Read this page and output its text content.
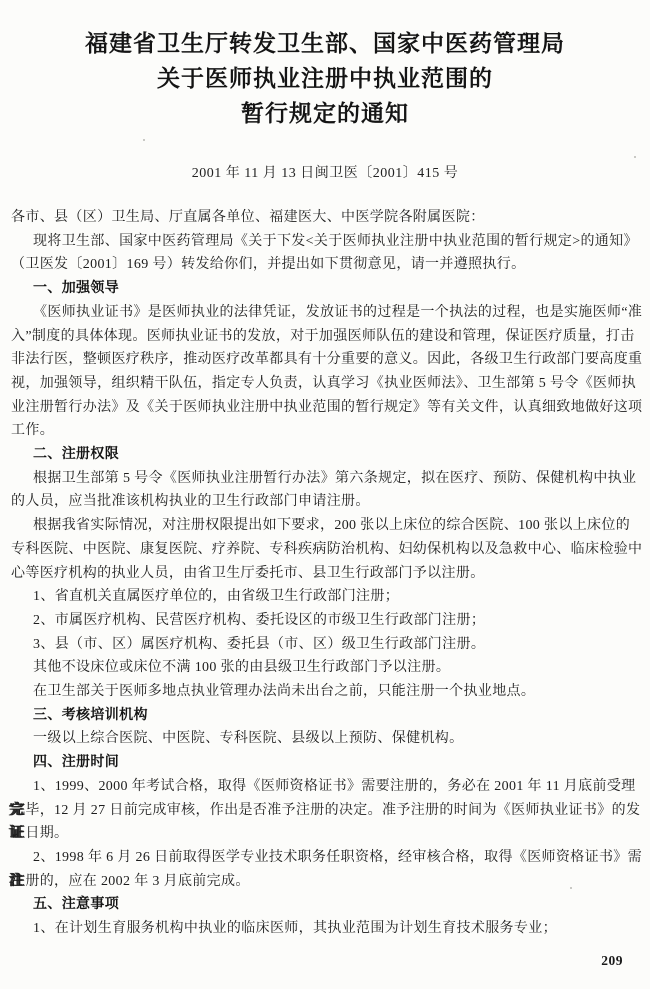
福建省卫生厅转发卫生部、国家中医药管理局
关于医师执业注册中执业范围的
暂行规定的通知
2001 年 11 月 13 日闽卫医〔2001〕415 号
各市、县（区）卫生局、厅直属各单位、福建医大、中医学院各附属医院：
现将卫生部、国家中医药管理局《关于下发<关于医师执业注册中执业范围的暂行规定>的通知》
（卫医发〔2001〕169 号）转发给你们，并提出如下贯彻意见，请一并遵照执行。
一、加强领导
《医师执业证书》是医师执业的法律凭证，发放证书的过程是一个执法的过程，也是实施医师“准
入”制度的具体体现。医师执业证书的发放，对于加强医师队伍的建设和管理，保证医疗质量，打击
非法行医，整顿医疗秩序，推动医疗改革都具有十分重要的意义。因此，各级卫生行政部门要高度重
视，加强领导，组织精干队伍，指定专人负责，认真学习《执业医师法》、卫生部第 5 号令《医师执
业注册暂行办法》及《关于医师执业注册中执业范围的暂行规定》等有关文件，认真细致地做好这项
工作。
二、注册权限
根据卫生部第 5 号令《医师执业注册暂行办法》第六条规定，拟在医疗、预防、保健机构中执业
的人员，应当批准该机构执业的卫生行政部门申请注册。
根据我省实际情况，对注册权限提出如下要求，200 张以上床位的综合医院、100 张以上床位的
专科医院、中医院、康复医院、疗养院、专科疾病防治机构、妇幼保机构以及急救中心、临床检验中
心等医疗机构的执业人员，由省卫生厅委托市、县卫生行政部门予以注册。
1、省直机关直属医疗单位的，由省级卫生行政部门注册；
2、市属医疗机构、民营医疗机构、委托设区的市级卫生行政部门注册；
3、县（市、区）属医疗机构、委托县（市、区）级卫生行政部门注册。
其他不设床位或床位不满 100 张的由县级卫生行政部门予以注册。
在卫生部关于医师多地点执业管理办法尚未出台之前，只能注册一个执业地点。
三、考核培训机构
一级以上综合医院、中医院、专科医院、县级以上预防、保健机构。
四、注册时间
1、1999、2000 年考试合格，取得《医师资格证书》需要注册的，务必在 2001 年 11 月底前受理
完毕，12 月 27 日前完成审核，作出是否准予注册的决定。准予注册的时间为《医师执业证书》的发
证日期。
2、1998 年 6 月 26 日前取得医学专业技术职务任职资格，经审核合格，取得《医师资格证书》需
注册的，应在 2002 年 3 月底前完成。
五、注意事项
1、在计划生育服务机构中执业的临床医师，其执业范围为计划生育技术服务专业；
209
